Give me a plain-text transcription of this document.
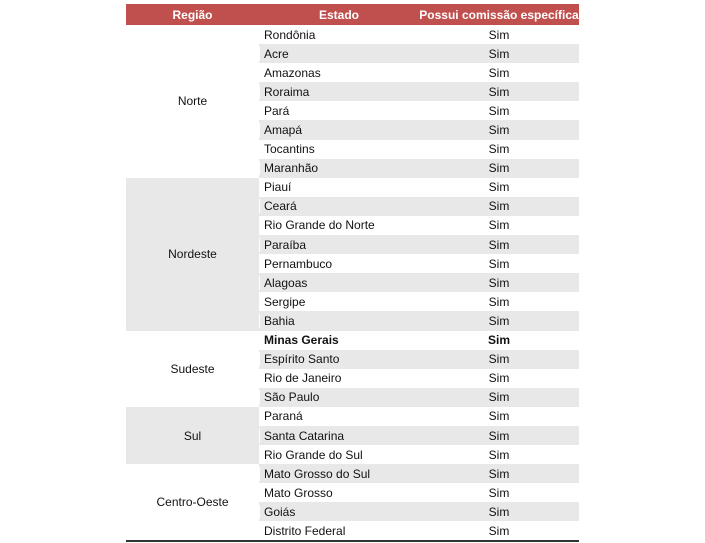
Região	Estado	Possui comissão específica
Norte
Rondônia	Sim
Acre	Sim
Amazonas	Sim
Roraima	Sim
Pará	Sim
Amapá	Sim
Tocantins	Sim
Maranhão	Sim
Nordeste
Piauí	Sim
Ceará	Sim
Rio Grande do Norte	Sim
Paraíba	Sim
Pernambuco	Sim
Alagoas	Sim
Sergipe	Sim
Bahia	Sim
Sudeste
Minas Gerais	Sim
Espírito Santo	Sim
Rio de Janeiro	Sim
São Paulo	Sim
Sul
Paraná	Sim
Santa Catarina	Sim
Rio Grande do Sul	Sim
Centro-Oeste
Mato Grosso do Sul	Sim
Mato Grosso	Sim
Goiás	Sim
Distrito Federal	Sim
